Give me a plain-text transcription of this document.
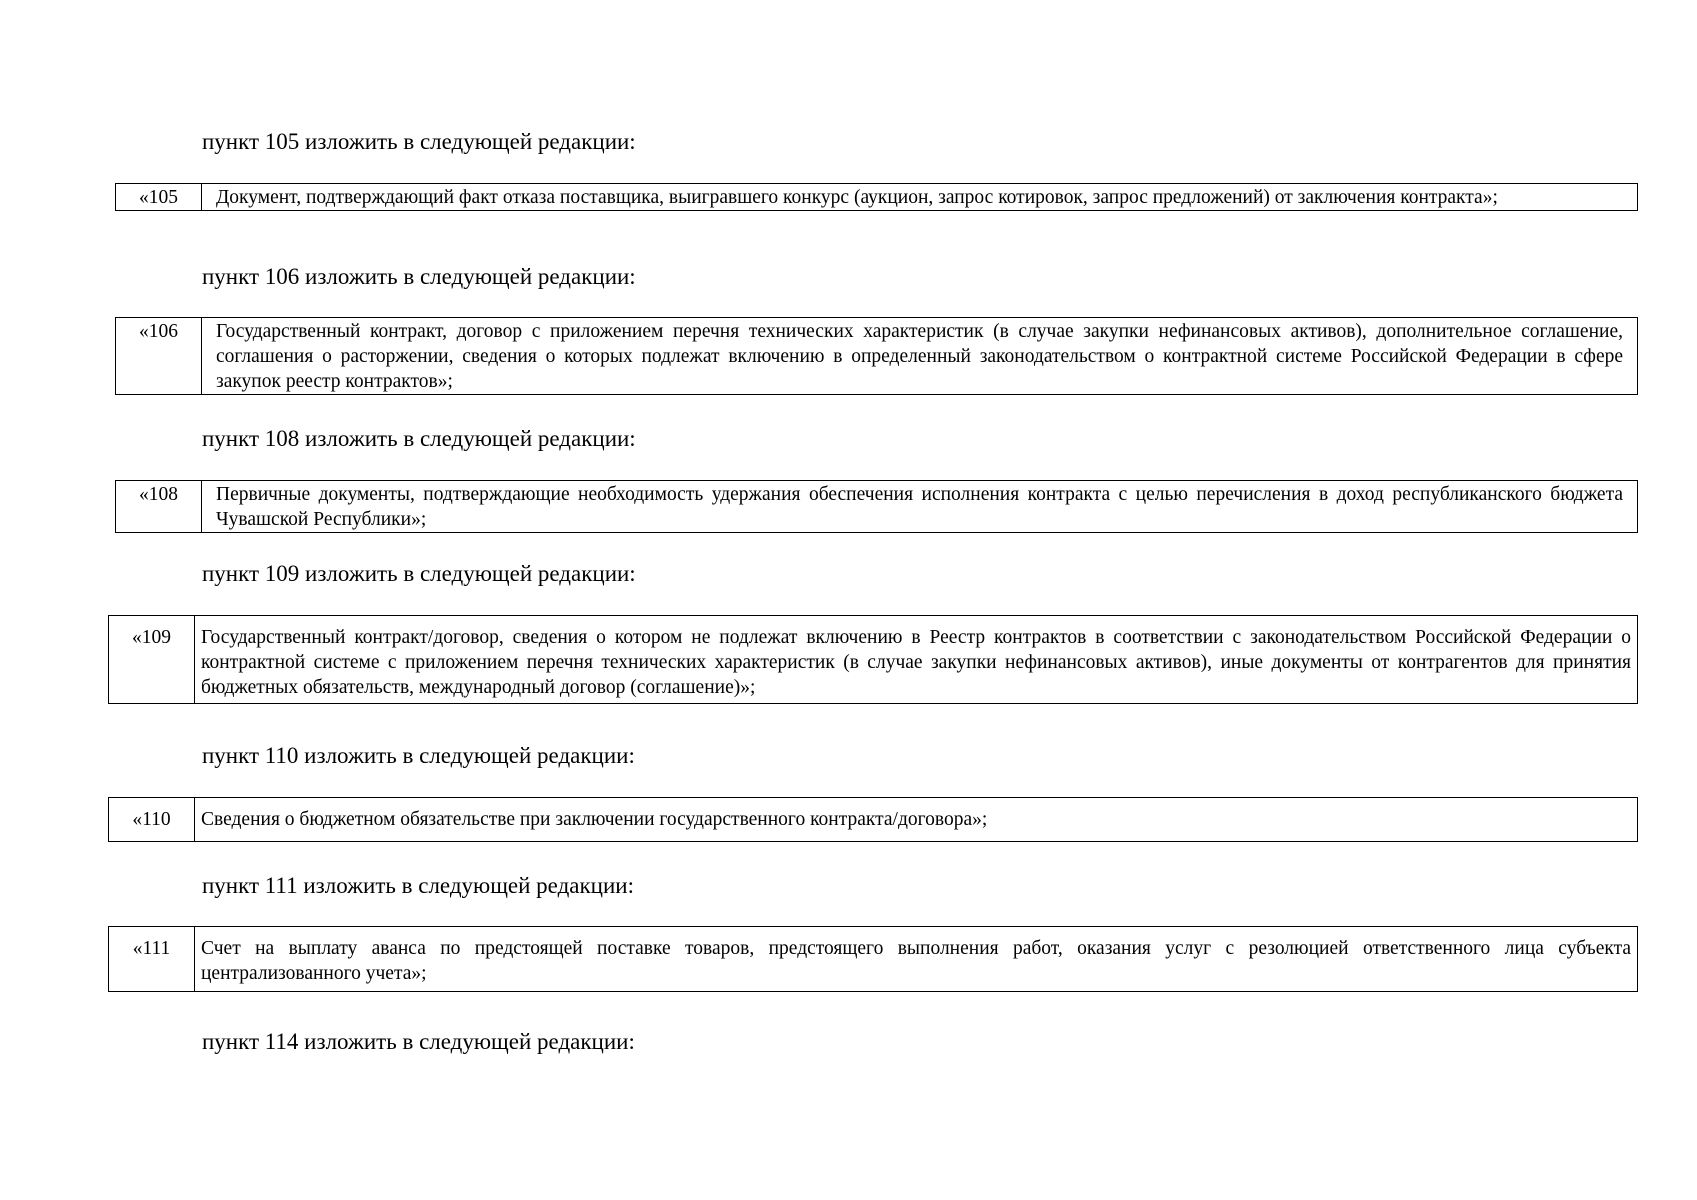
пункт 105 изложить в следующей редакции:
«105	Документ, подтверждающий факт отказа поставщика, выигравшего конкурс (аукцион, запрос котировок, запрос предложений) от заключения контракта»;
пункт 106 изложить в следующей редакции:
«106	Государственный контракт, договор с приложением перечня технических характеристик (в случае закупки нефинансовых активов), дополнительное соглашение, соглашения о расторжении, сведения о которых подлежат включению в определенный законодательством о контрактной системе Российской Федерации в сфере закупок реестр контрактов»;
пункт 108 изложить в следующей редакции:
«108	Первичные документы, подтверждающие необходимость удержания обеспечения исполнения контракта с целью перечисления в доход республиканского бюджета Чувашской Республики»;
пункт 109 изложить в следующей редакции:
«109	Государственный контракт/договор, сведения о котором не подлежат включению в Реестр контрактов в соответствии с законодательством Российской Федерации о контрактной системе с приложением перечня технических характеристик (в случае закупки нефинансовых активов), иные документы от контрагентов для принятия бюджетных обязательств, международный договор (соглашение)»;
пункт 110 изложить в следующей редакции:
«110	Сведения о бюджетном обязательстве при заключении государственного контракта/договора»;
пункт 111 изложить в следующей редакции:
«111	Счет на выплату аванса по предстоящей поставке товаров, предстоящего выполнения работ, оказания услуг с резолюцией ответственного лица субъекта централизованного учета»;
пункт 114 изложить в следующей редакции:
